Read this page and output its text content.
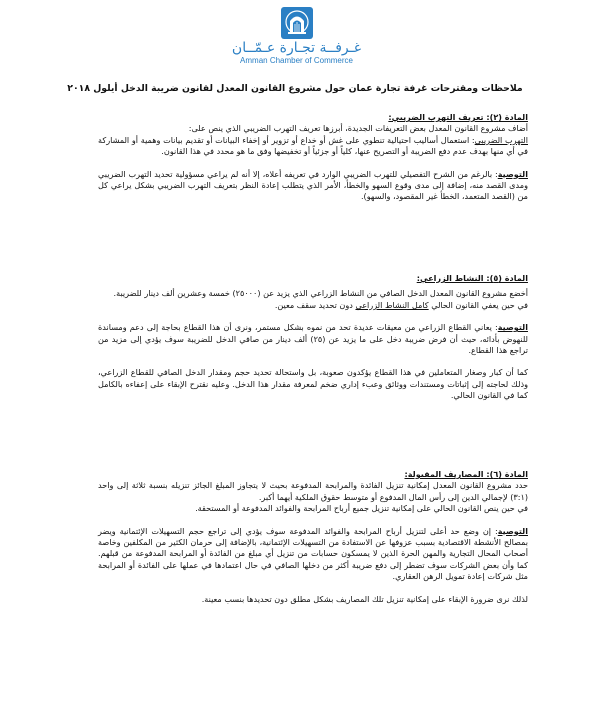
غـرفــة تجـارة عـمّــان
Amman Chamber of Commerce
ملاحظات ومقترحات غرفة تجارة عمان حول مشروع القانون المعدل لقانون ضريبة الدخل أيلول ٢٠١٨

المادة (٢): تعريف التهرب الضريبي:

أضاف مشروع القانون المعدل بعض التعريفات الجديدة، أبرزها تعريف التهرب الضريبي الذي ينص على:
التهرب الضريبي: استعمال أساليب احتيالية تنطوي على غش أو خداع أو تزوير أو إخفاء البيانات أو تقديم بيانات وهمية أو المشاركة في أي منها بهدف عدم دفع الضريبة أو التصريح عنها، كلياً أو جزئياً أو تخفيضها وفق ما هو محدد في هذا القانون.

التوصية: بالرغم من الشرح التفصيلي للتهرب الضريبي الوارد في تعريفه أعلاه، إلا أنه لم يراعي مسؤولية تحديد التهرب الضريبي ومدى القصد منه، إضافة إلى مدى وقوع السهو والخطأ، الأمر الذي يتطلب إعادة النظر بتعريف التهرب الضريبي بشكل يراعي كل من (القصد المتعمد، الخطأ غير المقصود، والسهو).

المادة (٥): النشاط الزراعي:

أخضع مشروع القانون المعدل الدخل الصافي من النشاط الزراعي الذي يزيد عن (٢٥٠٠٠) خمسة وعشرين ألف دينار للضريبة.

في حين يعفي القانون الحالي كامل النشاط الزراعي دون تحديد سقف معين.

التوصية: يعاني القطاع الزراعي من معيقات عديدة تحد من نموه بشكل مستمر، ونرى أن هذا القطاع بحاجة إلى دعم ومساندة للنهوض بأدائه، حيث أن فرض ضريبة دخل على ما يزيد عن (٢٥) ألف دينار من صافي الدخل للضريبة سوف يؤدي إلى مزيد من تراجع هذا القطاع.

كما أن كبار وصغار المتعاملين في هذا القطاع يؤكدون صعوبة، بل واستحالة تحديد حجم ومقدار الدخل الصافي للقطاع الزراعي، وذلك لحاجته إلى إثباتات ومستندات ووثائق وعبء إداري ضخم لمعرفة مقدار هذا الدخل. وعليه نقترح الإبقاء على إعفاءه بالكامل كما في القانون الحالي.

المادة (٦): المصاريف المقبولة:

حدد مشروع القانون المعدل إمكانية تنزيل الفائدة والمرابحة المدفوعة بحيث لا يتجاوز المبلغ الجائز تنزيله بنسبة ثلاثة إلى واحد (٣:١) لإجمالي الدين إلى رأس المال المدفوع أو متوسط حقوق الملكية أيهما أكبر.

في حين ينص القانون الحالي على إمكانية تنزيل جميع أرباح المرابحة والفوائد المدفوعة أو المستحقة.

التوصية: إن وضع حد أعلى لتنزيل أرباح المرابحة والفوائد المدفوعة سوف يؤدي إلى تراجع حجم التسهيلات الإئتمانية ويضر بمصالح الأنشطة الاقتصادية بسبب عزوفها عن الاستفادة من التسهيلات الإئتمانية، بالإضافة إلى حرمان الكثير من المكلفين وخاصة أصحاب المحال التجارية والمهن الحرة الذين لا يمسكون حسابات من تنزيل أي مبلغ من الفائدة أو المرابحة المدفوعة من قبلهم. كما وأن بعض الشركات سوف تضطر إلى دفع ضريبة أكثر من دخلها الصافي في حال اعتمادها في عملها على الفائدة أو المرابحة مثل شركات إعادة تمويل الرهن العقاري.

لذلك نرى ضرورة الإبقاء على إمكانية تنزيل تلك المصاريف بشكل مطلق دون تحديدها بنسب معينة.
